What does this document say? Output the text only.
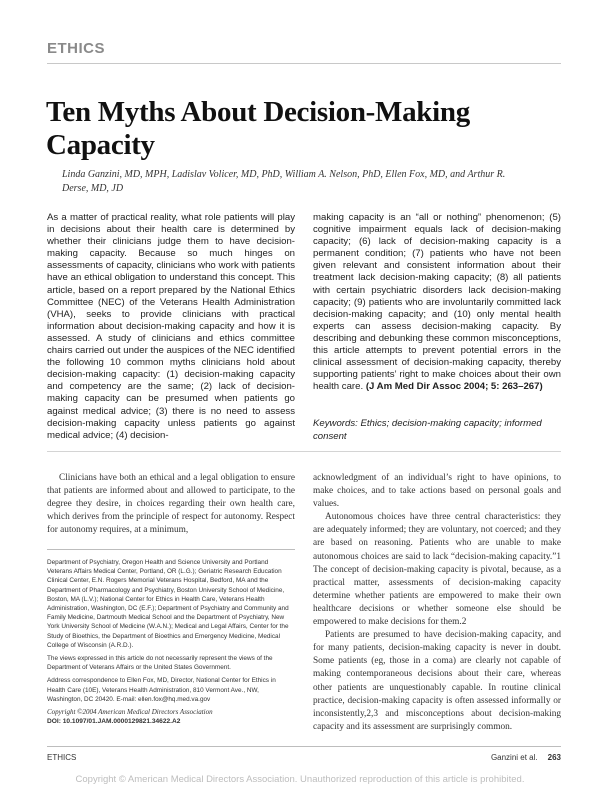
ETHICS
Ten Myths About Decision-Making Capacity
Linda Ganzini, MD, MPH, Ladislav Volicer, MD, PhD, William A. Nelson, PhD, Ellen Fox, MD, and Arthur R. Derse, MD, JD
As a matter of practical reality, what role patients will play in decisions about their health care is determined by whether their clinicians judge them to have decision-making capacity. Because so much hinges on assessments of capacity, clinicians who work with patients have an ethical obligation to understand this concept. This article, based on a report prepared by the National Ethics Committee (NEC) of the Veterans Health Administration (VHA), seeks to provide clinicians with practical information about decision-making capacity and how it is assessed. A study of clinicians and ethics committee chairs carried out under the auspices of the NEC identified the following 10 common myths clinicians hold about decision-making capacity: (1) decision-making capacity and competency are the same; (2) lack of decision-making capacity can be presumed when patients go against medical advice; (3) there is no need to assess decision-making capacity unless patients go against medical advice; (4) decision-
making capacity is an “all or nothing” phenomenon; (5) cognitive impairment equals lack of decision-making capacity; (6) lack of decision-making capacity is a permanent condition; (7) patients who have not been given relevant and consistent information about their treatment lack decision-making capacity; (8) all patients with certain psychiatric disorders lack decision-making capacity; (9) patients who are involuntarily committed lack decision-making capacity; and (10) only mental health experts can assess decision-making capacity. By describing and debunking these common misconceptions, this article attempts to prevent potential errors in the clinical assessment of decision-making capacity, thereby supporting patients’ right to make choices about their own health care. (J Am Med Dir Assoc 2004; 5: 263–267)
Keywords: Ethics; decision-making capacity; informed consent

Clinicians have both an ethical and a legal obligation to ensure that patients are informed about and allowed to participate, to the degree they desire, in choices regarding their own health care, which derives from the principle of respect for autonomy. Respect for autonomy requires, at a minimum,

Department of Psychiatry, Oregon Health and Science University and Portland Veterans Affairs Medical Center, Portland, OR (L.G.); Geriatric Research Education Clinical Center, E.N. Rogers Memorial Veterans Hospital, Bedford, MA and the Department of Pharmacology and Psychiatry, Boston University School of Medicine, Boston, MA (L.V.); National Center for Ethics in Health Care, Veterans Health Administration, Washington, DC (E.F.); Department of Psychiatry and Community and Family Medicine, Dartmouth Medical School and the Department of Psychiatry, New York University School of Medicine (W.A.N.); Medical and Legal Affairs, Center for the Study of Bioethics, the Department of Bioethics and Emergency Medicine, Medical College of Wisconsin (A.R.D.).

The views expressed in this article do not necessarily represent the views of the Department of Veterans Affairs or the United States Government.

Address correspondence to Ellen Fox, MD, Director, National Center for Ethics in Health Care (10E), Veterans Health Administration, 810 Vermont Ave., NW, Washington, DC 20420. E-mail: ellen.fox@hq.med.va.gov

Copyright ©2004 American Medical Directors Association
DOI: 10.1097/01.JAM.0000129821.34622.A2

acknowledgment of an individual’s right to have opinions, to make choices, and to take actions based on personal goals and values.

Autonomous choices have three central characteristics: they are adequately informed; they are voluntary, not coerced; and they are based on reasoning. Patients who are unable to make autonomous choices are said to lack “decision-making capacity.”1 The concept of decision-making capacity is pivotal, because, as a practical matter, assessments of decision-making capacity determine whether patients are empowered to make their own healthcare decisions or whether someone else should be empowered to make decisions for them.2

Patients are presumed to have decision-making capacity, and for many patients, decision-making capacity is never in doubt. Some patients (eg, those in a coma) are clearly not capable of making contemporaneous decisions about their care, whereas other patients are unquestionably capable. In routine clinical practice, decision-making capacity is often assessed informally or inconsistently,2,3 and misconceptions about decision-making capacity and its assessment are surprisingly common.

ETHICS	Ganzini et al. 263
Copyright © American Medical Directors Association. Unauthorized reproduction of this article is prohibited.
